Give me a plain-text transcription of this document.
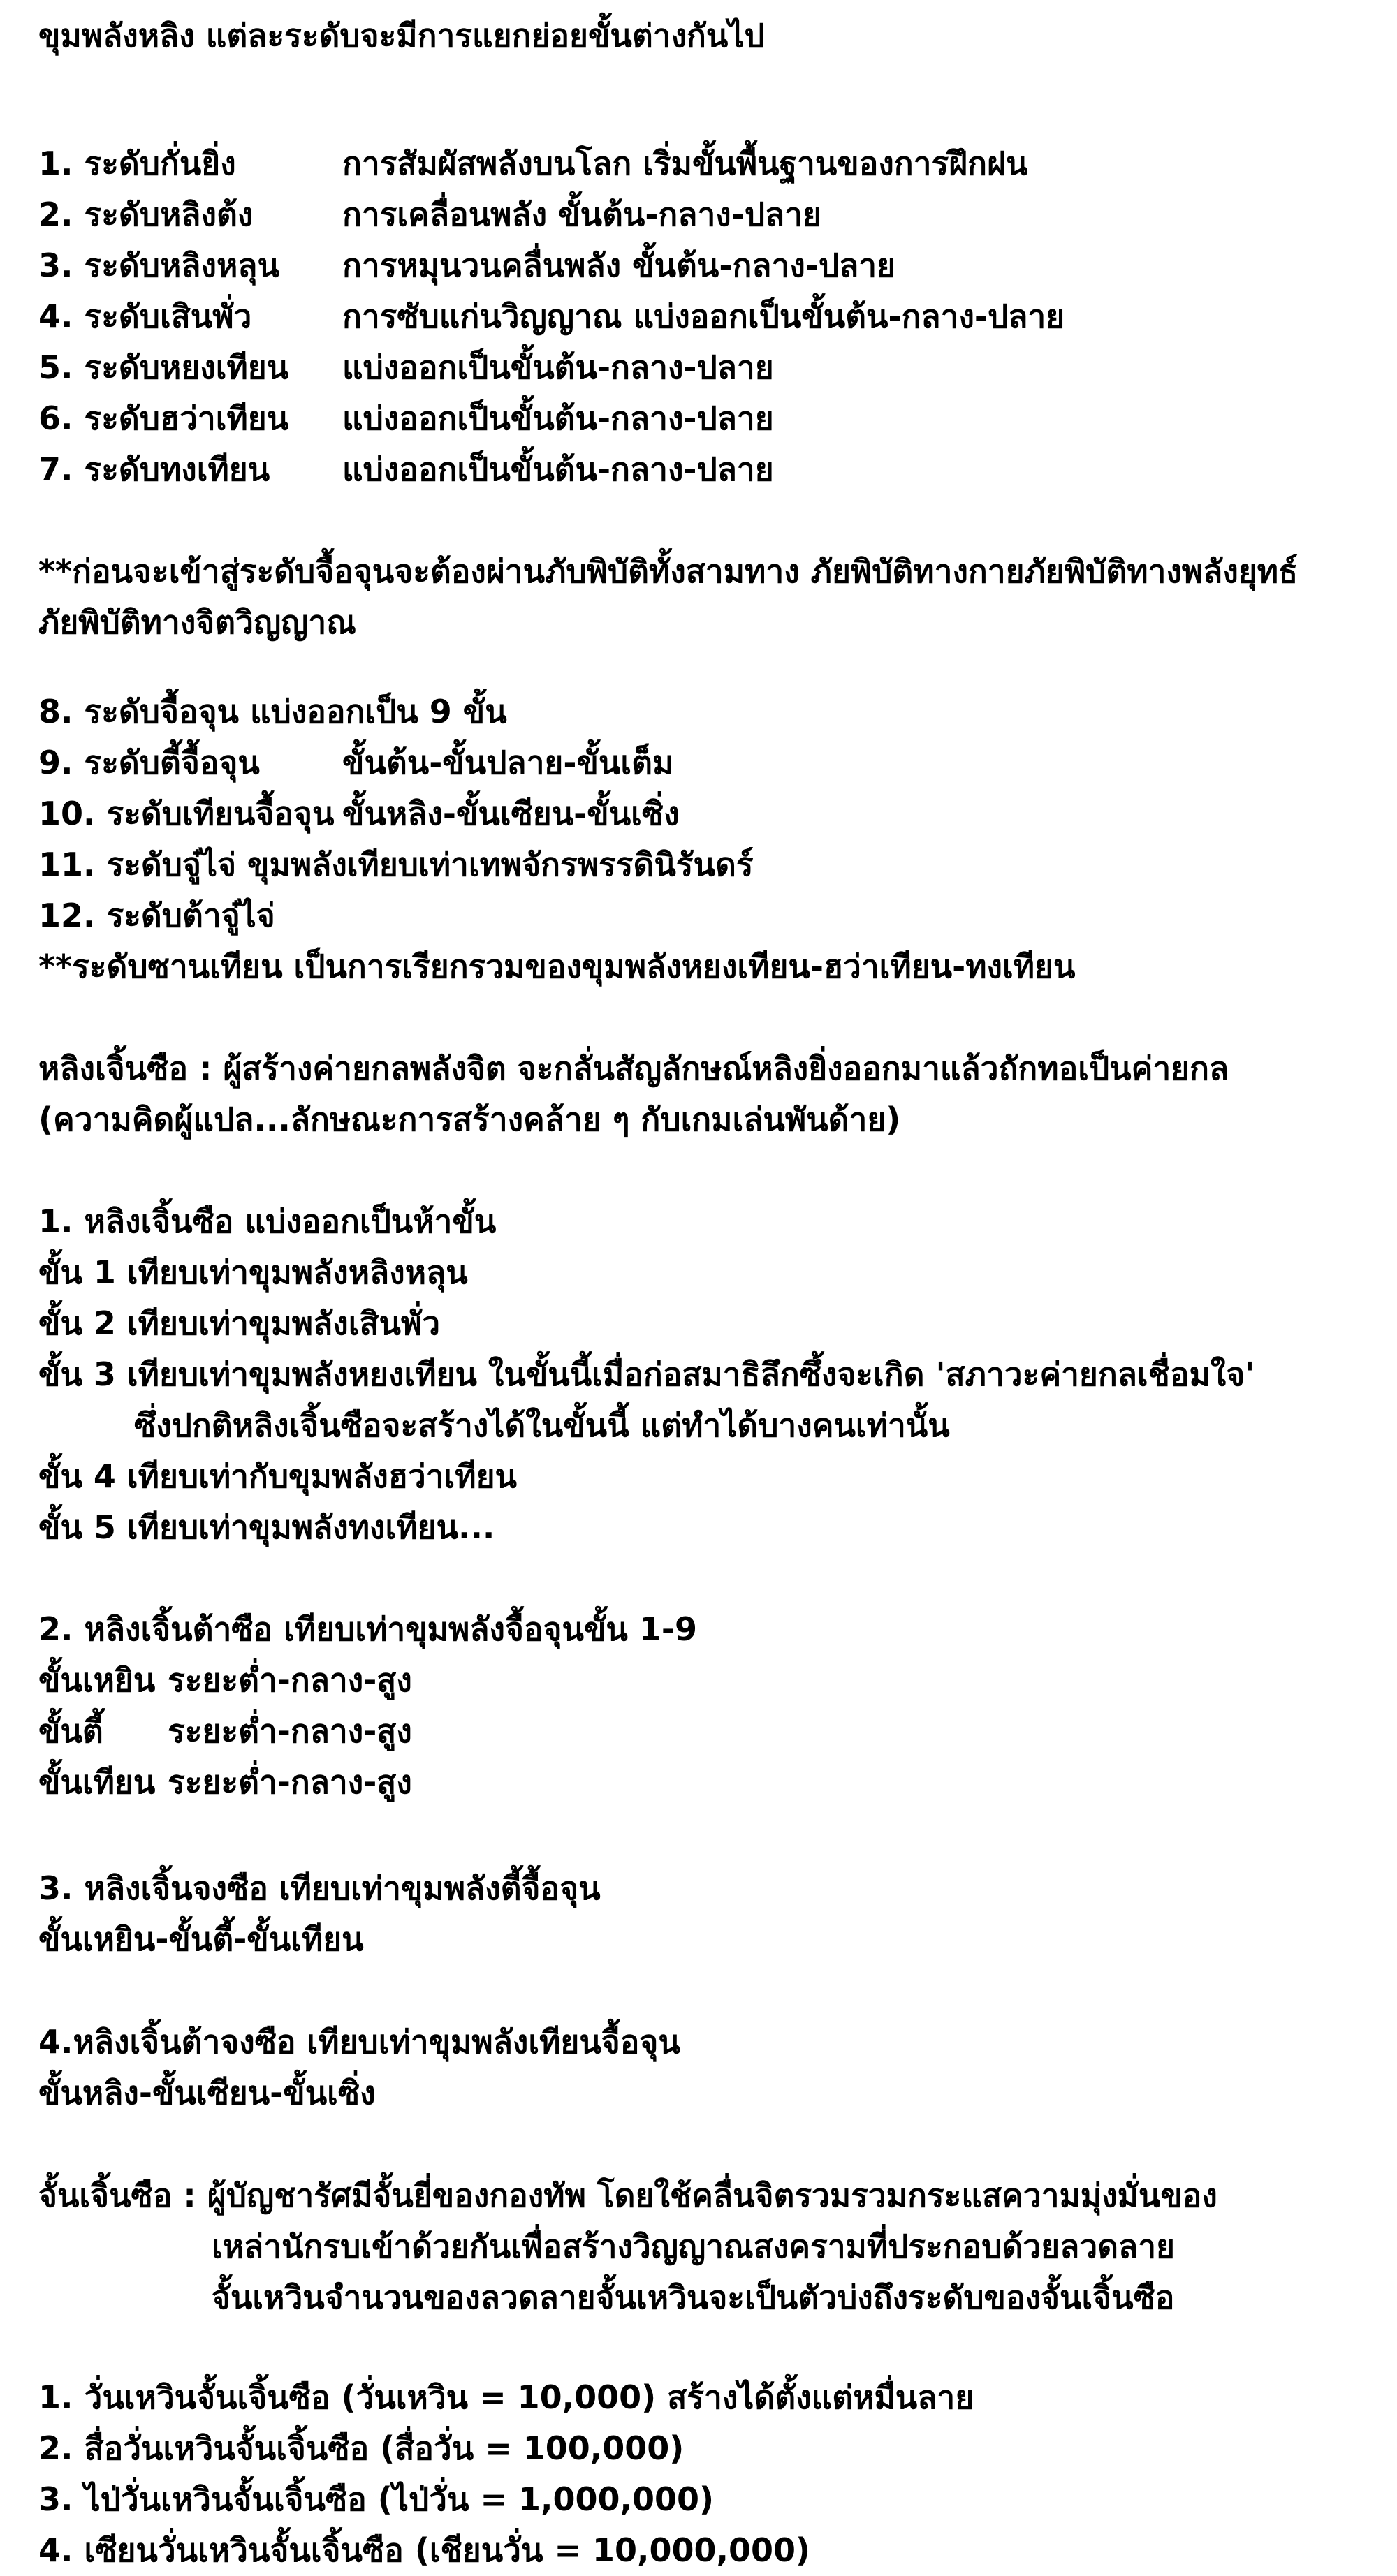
ขุมพลังหลิง แต่ละระดับจะมีการแยกย่อยขั้นต่างกันไป
1. ระดับกั่นยิ่ง	การสัมผัสพลังบนโลก เริ่มขั้นพื้นฐานของการฝึกฝน
2. ระดับหลิงต้ง	การเคลื่อนพลัง ขั้นต้น-กลาง-ปลาย
3. ระดับหลิงหลุน	การหมุนวนคลื่นพลัง ขั้นต้น-กลาง-ปลาย
4. ระดับเสินพั่ว	การซับแก่นวิญญาณ แบ่งออกเป็นขั้นต้น-กลาง-ปลาย
5. ระดับหยงเทียน	แบ่งออกเป็นขั้นต้น-กลาง-ปลาย
6. ระดับฮว่าเทียน	แบ่งออกเป็นขั้นต้น-กลาง-ปลาย
7. ระดับทงเทียน	แบ่งออกเป็นขั้นต้น-กลาง-ปลาย
**ก่อนจะเข้าสู่ระดับจื้อจุนจะต้องผ่านภับพิบัติทั้งสามทาง ภัยพิบัติทางกายภัยพิบัติทางพลังยุทธ์
ภัยพิบัติทางจิตวิญญาณ
8. ระดับจื้อจุน แบ่งออกเป็น 9 ขั้น
9. ระดับตี้จื้อจุน	ขั้นต้น-ขั้นปลาย-ขั้นเต็ม
10. ระดับเทียนจื้อจุน ขั้นหลิง-ขั้นเซียน-ขั้นเซิ่ง
11. ระดับจู๋ไจ่ ขุมพลังเทียบเท่าเทพจักรพรรดินิรันดร์
12. ระดับต้าจู๋ไจ่
**ระดับซานเทียน เป็นการเรียกรวมของขุมพลังหยงเทียน-ฮว่าเทียน-ทงเทียน
หลิงเจิ้นซือ : ผู้สร้างค่ายกลพลังจิต จะกลั่นสัญลักษณ์หลิงยิ่งออกมาแล้วถักทอเป็นค่ายกล
(ความคิดผู้แปล...ลักษณะการสร้างคล้าย ๆ กับเกมเล่นพันด้าย)
1. หลิงเจิ้นซือ แบ่งออกเป็นห้าขั้น
ขั้น 1 เทียบเท่าขุมพลังหลิงหลุน
ขั้น 2 เทียบเท่าขุมพลังเสินพั่ว
ขั้น 3 เทียบเท่าขุมพลังหยงเทียน ในขั้นนี้เมื่อก่อสมาธิลึกซึ้งจะเกิด 'สภาวะค่ายกลเชื่อมใจ'
ซึ่งปกติหลิงเจิ้นซือจะสร้างได้ในขั้นนี้ แต่ทำได้บางคนเท่านั้น
ขั้น 4 เทียบเท่ากับขุมพลังฮว่าเทียน
ขั้น 5 เทียบเท่าขุมพลังทงเทียน...
2. หลิงเจิ้นต้าซือ เทียบเท่าขุมพลังจื้อจุนขั้น 1-9
ขั้นเหยิน ระยะต่ำ-กลาง-สูง
ขั้นตี้	ระยะต่ำ-กลาง-สูง
ขั้นเทียน ระยะต่ำ-กลาง-สูง
3. หลิงเจิ้นจงซือ เทียบเท่าขุมพลังตี้จื้อจุน
ขั้นเหยิน-ขั้นตี้-ขั้นเทียน
4.หลิงเจิ้นต้าจงซือ เทียบเท่าขุมพลังเทียนจื้อจุน
ขั้นหลิง-ขั้นเซียน-ขั้นเซิ่ง
จั้นเจิ้นซือ : ผู้บัญชารัศมีจั้นยี่ของกองทัพ โดยใช้คลื่นจิตรวมรวมกระแสความมุ่งมั่นของ
เหล่านักรบเข้าด้วยกันเพื่อสร้างวิญญาณสงครามที่ประกอบด้วยลวดลาย
จั้นเหวินจำนวนของลวดลายจั้นเหวินจะเป็นตัวบ่งถึงระดับของจั้นเจิ้นซือ
1. วั่นเหวินจั้นเจิ้นซือ (วั่นเหวิน = 10,000) สร้างได้ตั้งแต่หมื่นลาย
2. สื่อวั่นเหวินจั้นเจิ้นซือ (สื่อวั่น = 100,000)
3. ไป่วั่นเหวินจั้นเจิ้นซือ (ไป่วั่น = 1,000,000)
4. เซียนวั่นเหวินจั้นเจิ้นซือ (เชียนวั่น = 10,000,000)
